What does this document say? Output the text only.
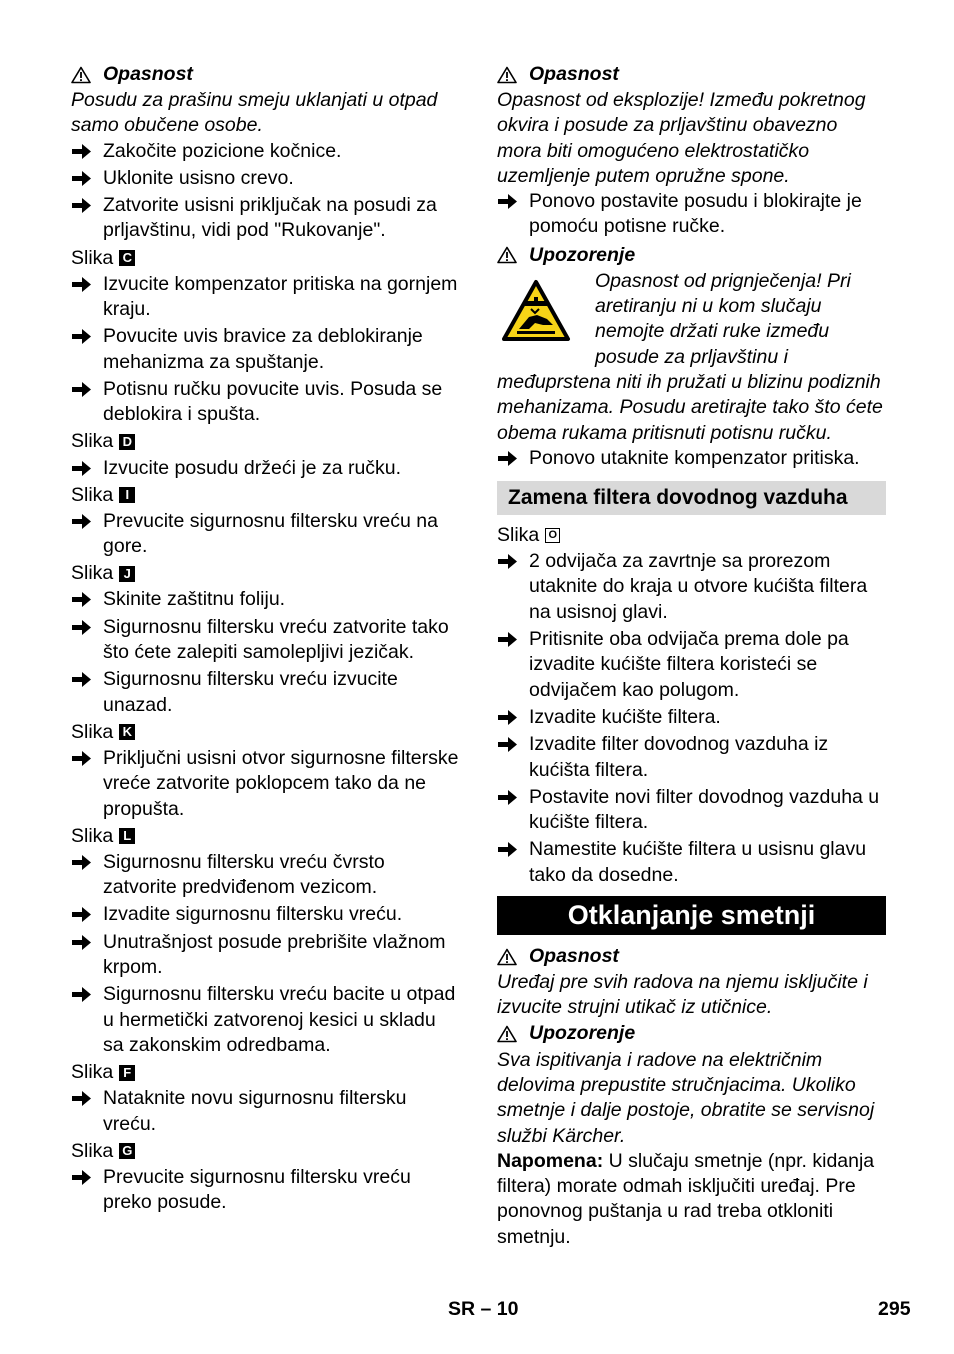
Opasnost
Posudu za prašinu smeju uklanjati u otpad samo obučene osobe.
Zakočite pozicione kočnice.
Uklonite usisno crevo.
Zatvorite usisni priključak na posudi za prljavštinu, vidi pod "Rukovanje".
Slika C
Izvucite kompenzator pritiska na gornjem kraju.
Povucite uvis bravice za deblokiranje mehanizma za spuštanje.
Potisnu ručku povucite uvis. Posuda se deblokira i spušta.
Slika D
Izvucite posudu držeći je za ručku.
Slika I
Prevucite sigurnosnu filtersku vreću na gore.
Slika J
Skinite zaštitnu foliju.
Sigurnosnu filtersku vreću zatvorite tako što ćete zalepiti samolepljivi jezičak.
Sigurnosnu filtersku vreću izvucite unazad.
Slika K
Priključni usisni otvor sigurnosne filterske vreće zatvorite poklopcem tako da ne propušta.
Slika L
Sigurnosnu filtersku vreću čvrsto zatvorite predviđenom vezicom.
Izvadite sigurnosnu filtersku vreću.
Unutrašnjost posude prebrišite vlažnom krpom.
Sigurnosnu filtersku vreću bacite u otpad u hermetički zatvorenoj kesici u skladu sa zakonskim odredbama.
Slika F
Nataknite novu sigurnosnu filtersku vreću.
Slika G
Prevucite sigurnosnu filtersku vreću preko posude.
Opasnost
Opasnost od eksplozije! Između pokretnog okvira i posude za prljavštinu obavezno mora biti omogućeno elektrostatičko uzemljenje putem opružne spone.
Ponovo postavite posudu i blokirajte je pomoću potisne ručke.
Upozorenje
Opasnost od prignječenja! Pri aretiranju ni u kom slučaju nemojte držati ruke između posude za prljavštinu i međuprstena niti ih pružati u blizinu podiznih mehanizama. Posudu aretirajte tako što ćete obema rukama pritisnuti potisnu ručku.
Ponovo utaknite kompenzator pritiska.
Zamena filtera dovodnog vazduha
Slika O
2 odvijača za zavrtnje sa prorezom utaknite do kraja u otvore kućišta filtera na usisnoj glavi.
Pritisnite oba odvijača prema dole pa izvadite kućište filtera koristeći se odvijačem kao polugom.
Izvadite kućište filtera.
Izvadite filter dovodnog vazduha iz kućišta filtera.
Postavite novi filter dovodnog vazduha u kućište filtera.
Namestite kućište filtera u usisnu glavu tako da dosedne.
Otklanjanje smetnji
Opasnost
Uređaj pre svih radova na njemu isključite i izvucite strujni utikač iz utičnice.
Upozorenje
Sva ispitivanja i radove na električnim delovima prepustite stručnjacima. Ukoliko smetnje i dalje postoje, obratite se servisnoj službi Kärcher.
Napomena: U slučaju smetnje (npr. kidanja filtera) morate odmah isključiti uređaj. Pre ponovnog puštanja u rad treba otkloniti smetnju.
SR – 10	295
